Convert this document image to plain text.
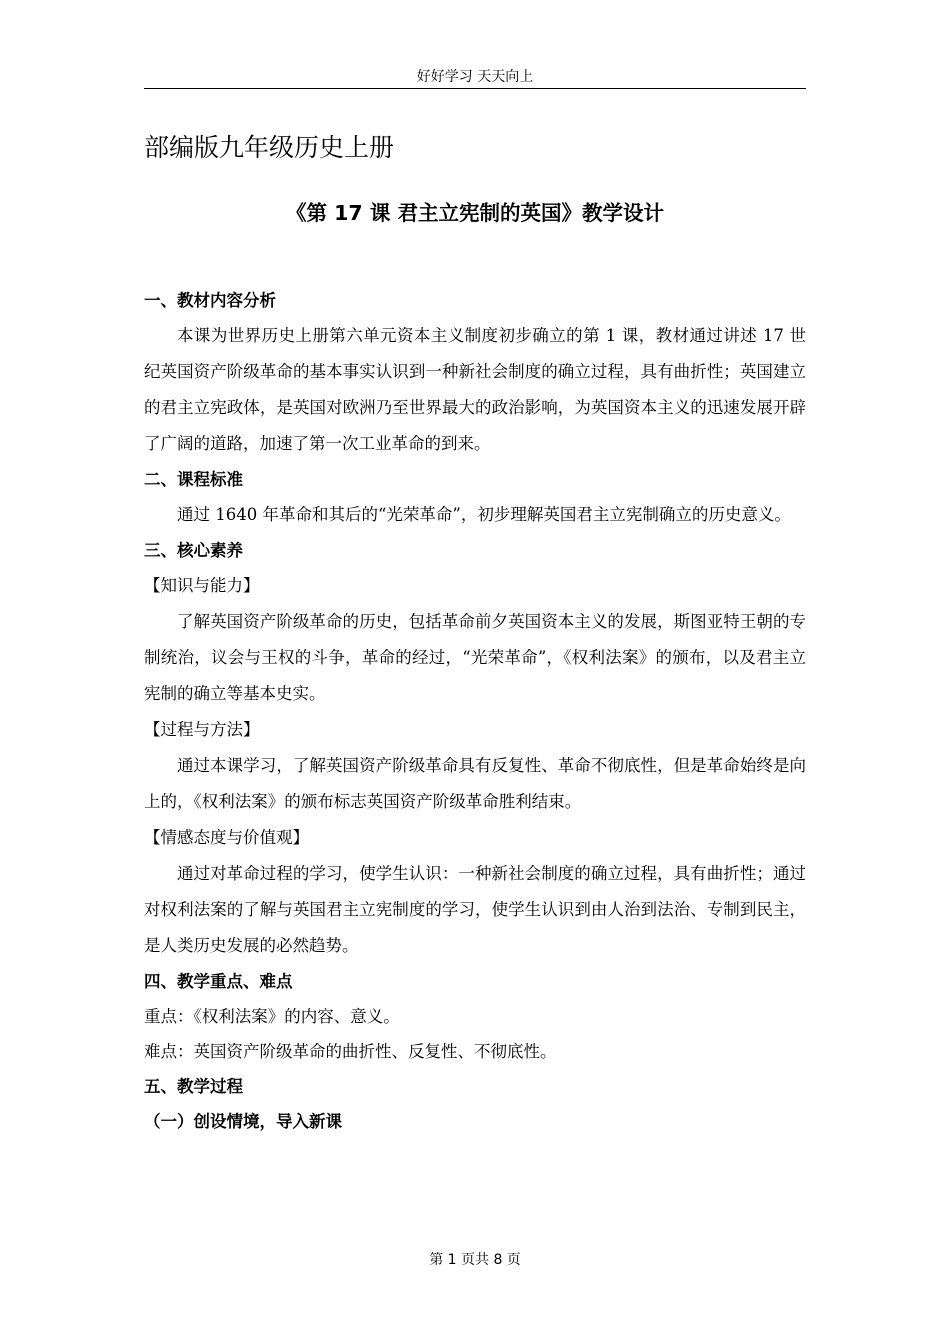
好好学习 天天向上
部编版九年级历史上册
《第 17 课 君主立宪制的英国》教学设计
一、教材内容分析
本课为世界历史上册第六单元资本主义制度初步确立的第 1 课，教材通过讲述 17 世纪英国资产阶级革命的基本事实认识到一种新社会制度的确立过程，具有曲折性；英国建立的君主立宪政体，是英国对欧洲乃至世界最大的政治影响，为英国资本主义的迅速发展开辟了广阔的道路，加速了第一次工业革命的到来。
二、课程标准
通过 1640 年革命和其后的“光荣革命”，初步理解英国君主立宪制确立的历史意义。
三、核心素养
【知识与能力】
了解英国资产阶级革命的历史，包括革命前夕英国资本主义的发展，斯图亚特王朝的专制统治，议会与王权的斗争，革命的经过，“光荣革命”，《权利法案》的颁布，以及君主立宪制的确立等基本史实。
【过程与方法】
通过本课学习，了解英国资产阶级革命具有反复性、革命不彻底性，但是革命始终是向上的，《权利法案》的颁布标志英国资产阶级革命胜利结束。
【情感态度与价值观】
通过对革命过程的学习，使学生认识：一种新社会制度的确立过程，具有曲折性；通过对权利法案的了解与英国君主立宪制度的学习，使学生认识到由人治到法治、专制到民主，是人类历史发展的必然趋势。
四、教学重点、难点
重点：《权利法案》的内容、意义。
难点：英国资产阶级革命的曲折性、反复性、不彻底性。
五、教学过程
（一）创设情境，导入新课
第 1 页共 8 页
